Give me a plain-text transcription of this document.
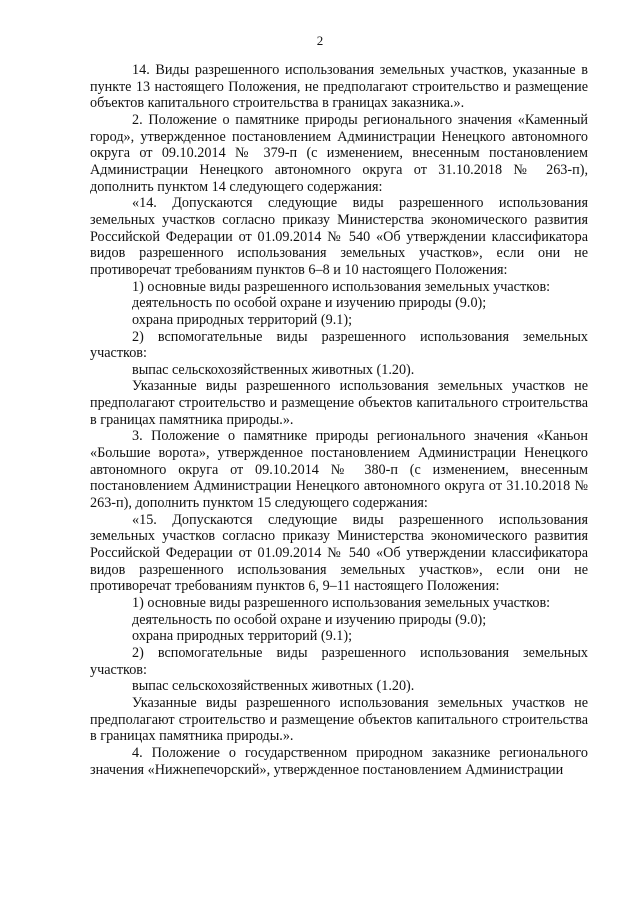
2

14. Виды разрешенного использования земельных участков, указанные в пункте 13 настоящего Положения, не предполагают строительство и размещение объектов капитального строительства в границах заказника.».

2. Положение о памятнике природы регионального значения «Каменный город», утвержденное постановлением Администрации Ненецкого автономного округа от 09.10.2014 № 379-п (с изменением, внесенным постановлением Администрации Ненецкого автономного округа от 31.10.2018 № 263-п), дополнить пунктом 14 следующего содержания:

«14. Допускаются следующие виды разрешенного использования земельных участков согласно приказу Министерства экономического развития Российской Федерации от 01.09.2014 № 540 «Об утверждении классификатора видов разрешенного использования земельных участков», если они не противоречат требованиям пунктов 6–8 и 10 настоящего Положения:

1) основные виды разрешенного использования земельных участков:

деятельность по особой охране и изучению природы (9.0);

охрана природных территорий (9.1);

2) вспомогательные виды разрешенного использования земельных участков:

выпас сельскохозяйственных животных (1.20).

Указанные виды разрешенного использования земельных участков не предполагают строительство и размещение объектов капитального строительства в границах памятника природы.».

3. Положение о памятнике природы регионального значения «Каньон «Большие ворота», утвержденное постановлением Администрации Ненецкого автономного округа от 09.10.2014 № 380-п (с изменением, внесенным постановлением Администрации Ненецкого автономного округа от 31.10.2018 № 263-п), дополнить пунктом 15 следующего содержания:

«15. Допускаются следующие виды разрешенного использования земельных участков согласно приказу Министерства экономического развития Российской Федерации от 01.09.2014 № 540 «Об утверждении классификатора видов разрешенного использования земельных участков», если они не противоречат требованиям пунктов 6, 9–11 настоящего Положения:

1) основные виды разрешенного использования земельных участков:

деятельность по особой охране и изучению природы (9.0);

охрана природных территорий (9.1);

2) вспомогательные виды разрешенного использования земельных участков:

выпас сельскохозяйственных животных (1.20).

Указанные виды разрешенного использования земельных участков не предполагают строительство и размещение объектов капитального строительства в границах памятника природы.».

4. Положение о государственном природном заказнике регионального значения «Нижнепечорский», утвержденное постановлением Администрации
